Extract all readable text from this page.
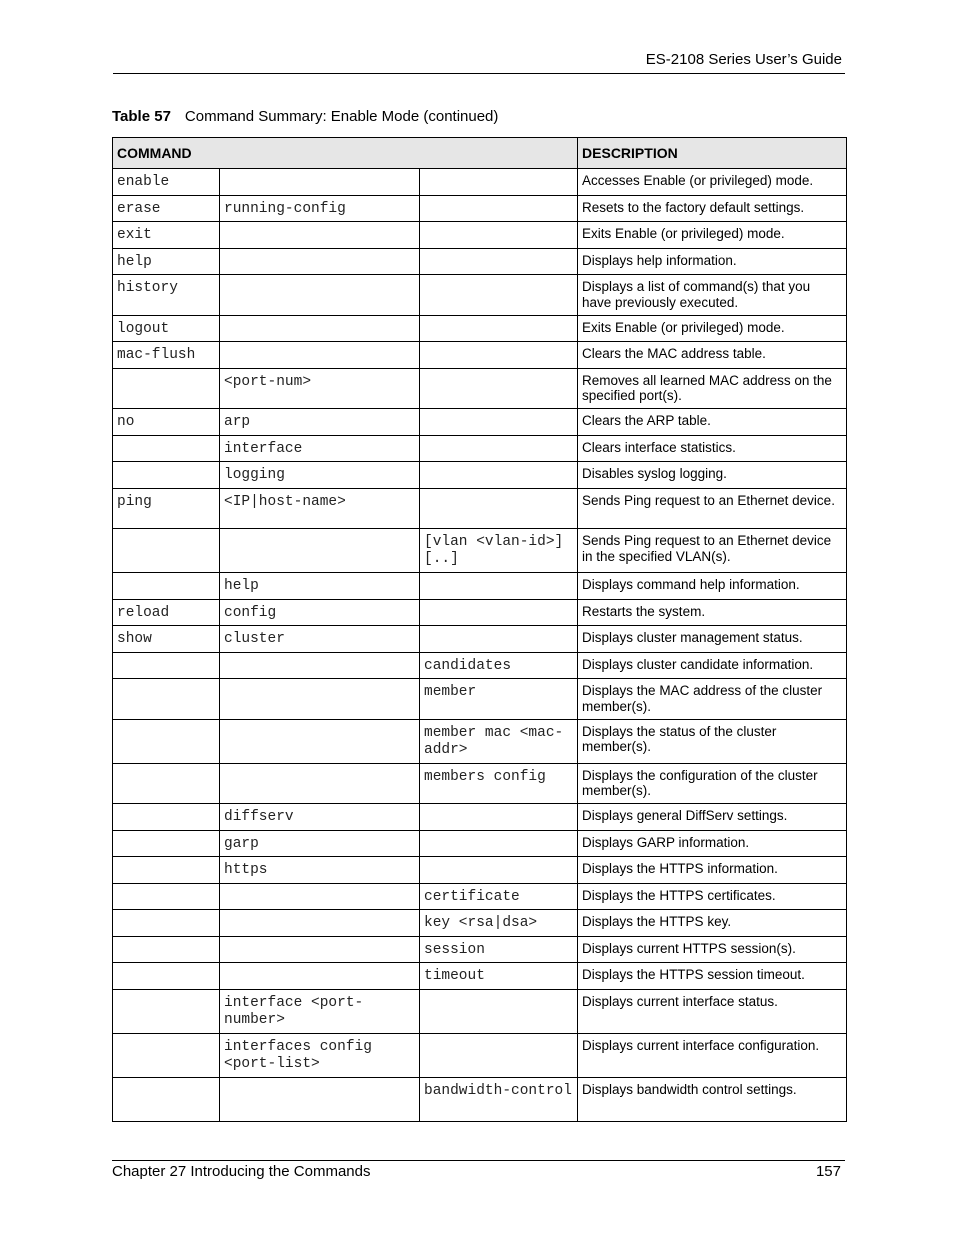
ES-2108 Series User’s Guide
Table 57 Command Summary: Enable Mode (continued)
COMMAND			DESCRIPTION
enable			Accesses Enable (or privileged) mode.
erase	running-config		Resets to the factory default settings.
exit			Exits Enable (or privileged) mode.
help			Displays help information.
history			Displays a list of command(s) that you have previously executed.
logout			Exits Enable (or privileged) mode.
mac-flush			Clears the MAC address table.
	<port-num>		Removes all learned MAC address on the specified port(s).
no	arp		Clears the ARP table.
	interface		Clears interface statistics.
	logging		Disables syslog logging.
ping	<IP|host-name>		Sends Ping request to an Ethernet device.
		[vlan <vlan-id>][..]	Sends Ping request to an Ethernet device in the specified VLAN(s).
	help		Displays command help information.
reload	config		Restarts the system.
show	cluster		Displays cluster management status.
		candidates	Displays cluster candidate information.
		member	Displays the MAC address of the cluster member(s).
		member mac <mac-addr>	Displays the status of the cluster member(s).
		members config	Displays the configuration of the cluster member(s).
	diffserv		Displays general DiffServ settings.
	garp		Displays GARP information.
	https		Displays the HTTPS information.
		certificate	Displays the HTTPS certificates.
		key <rsa|dsa>	Displays the HTTPS key.
		session	Displays current HTTPS session(s).
		timeout	Displays the HTTPS session timeout.
	interface <port-number>		Displays current interface status.
	interfaces config <port-list>		Displays current interface configuration.
		bandwidth-control	Displays bandwidth control settings.
Chapter 27 Introducing the Commands	157
